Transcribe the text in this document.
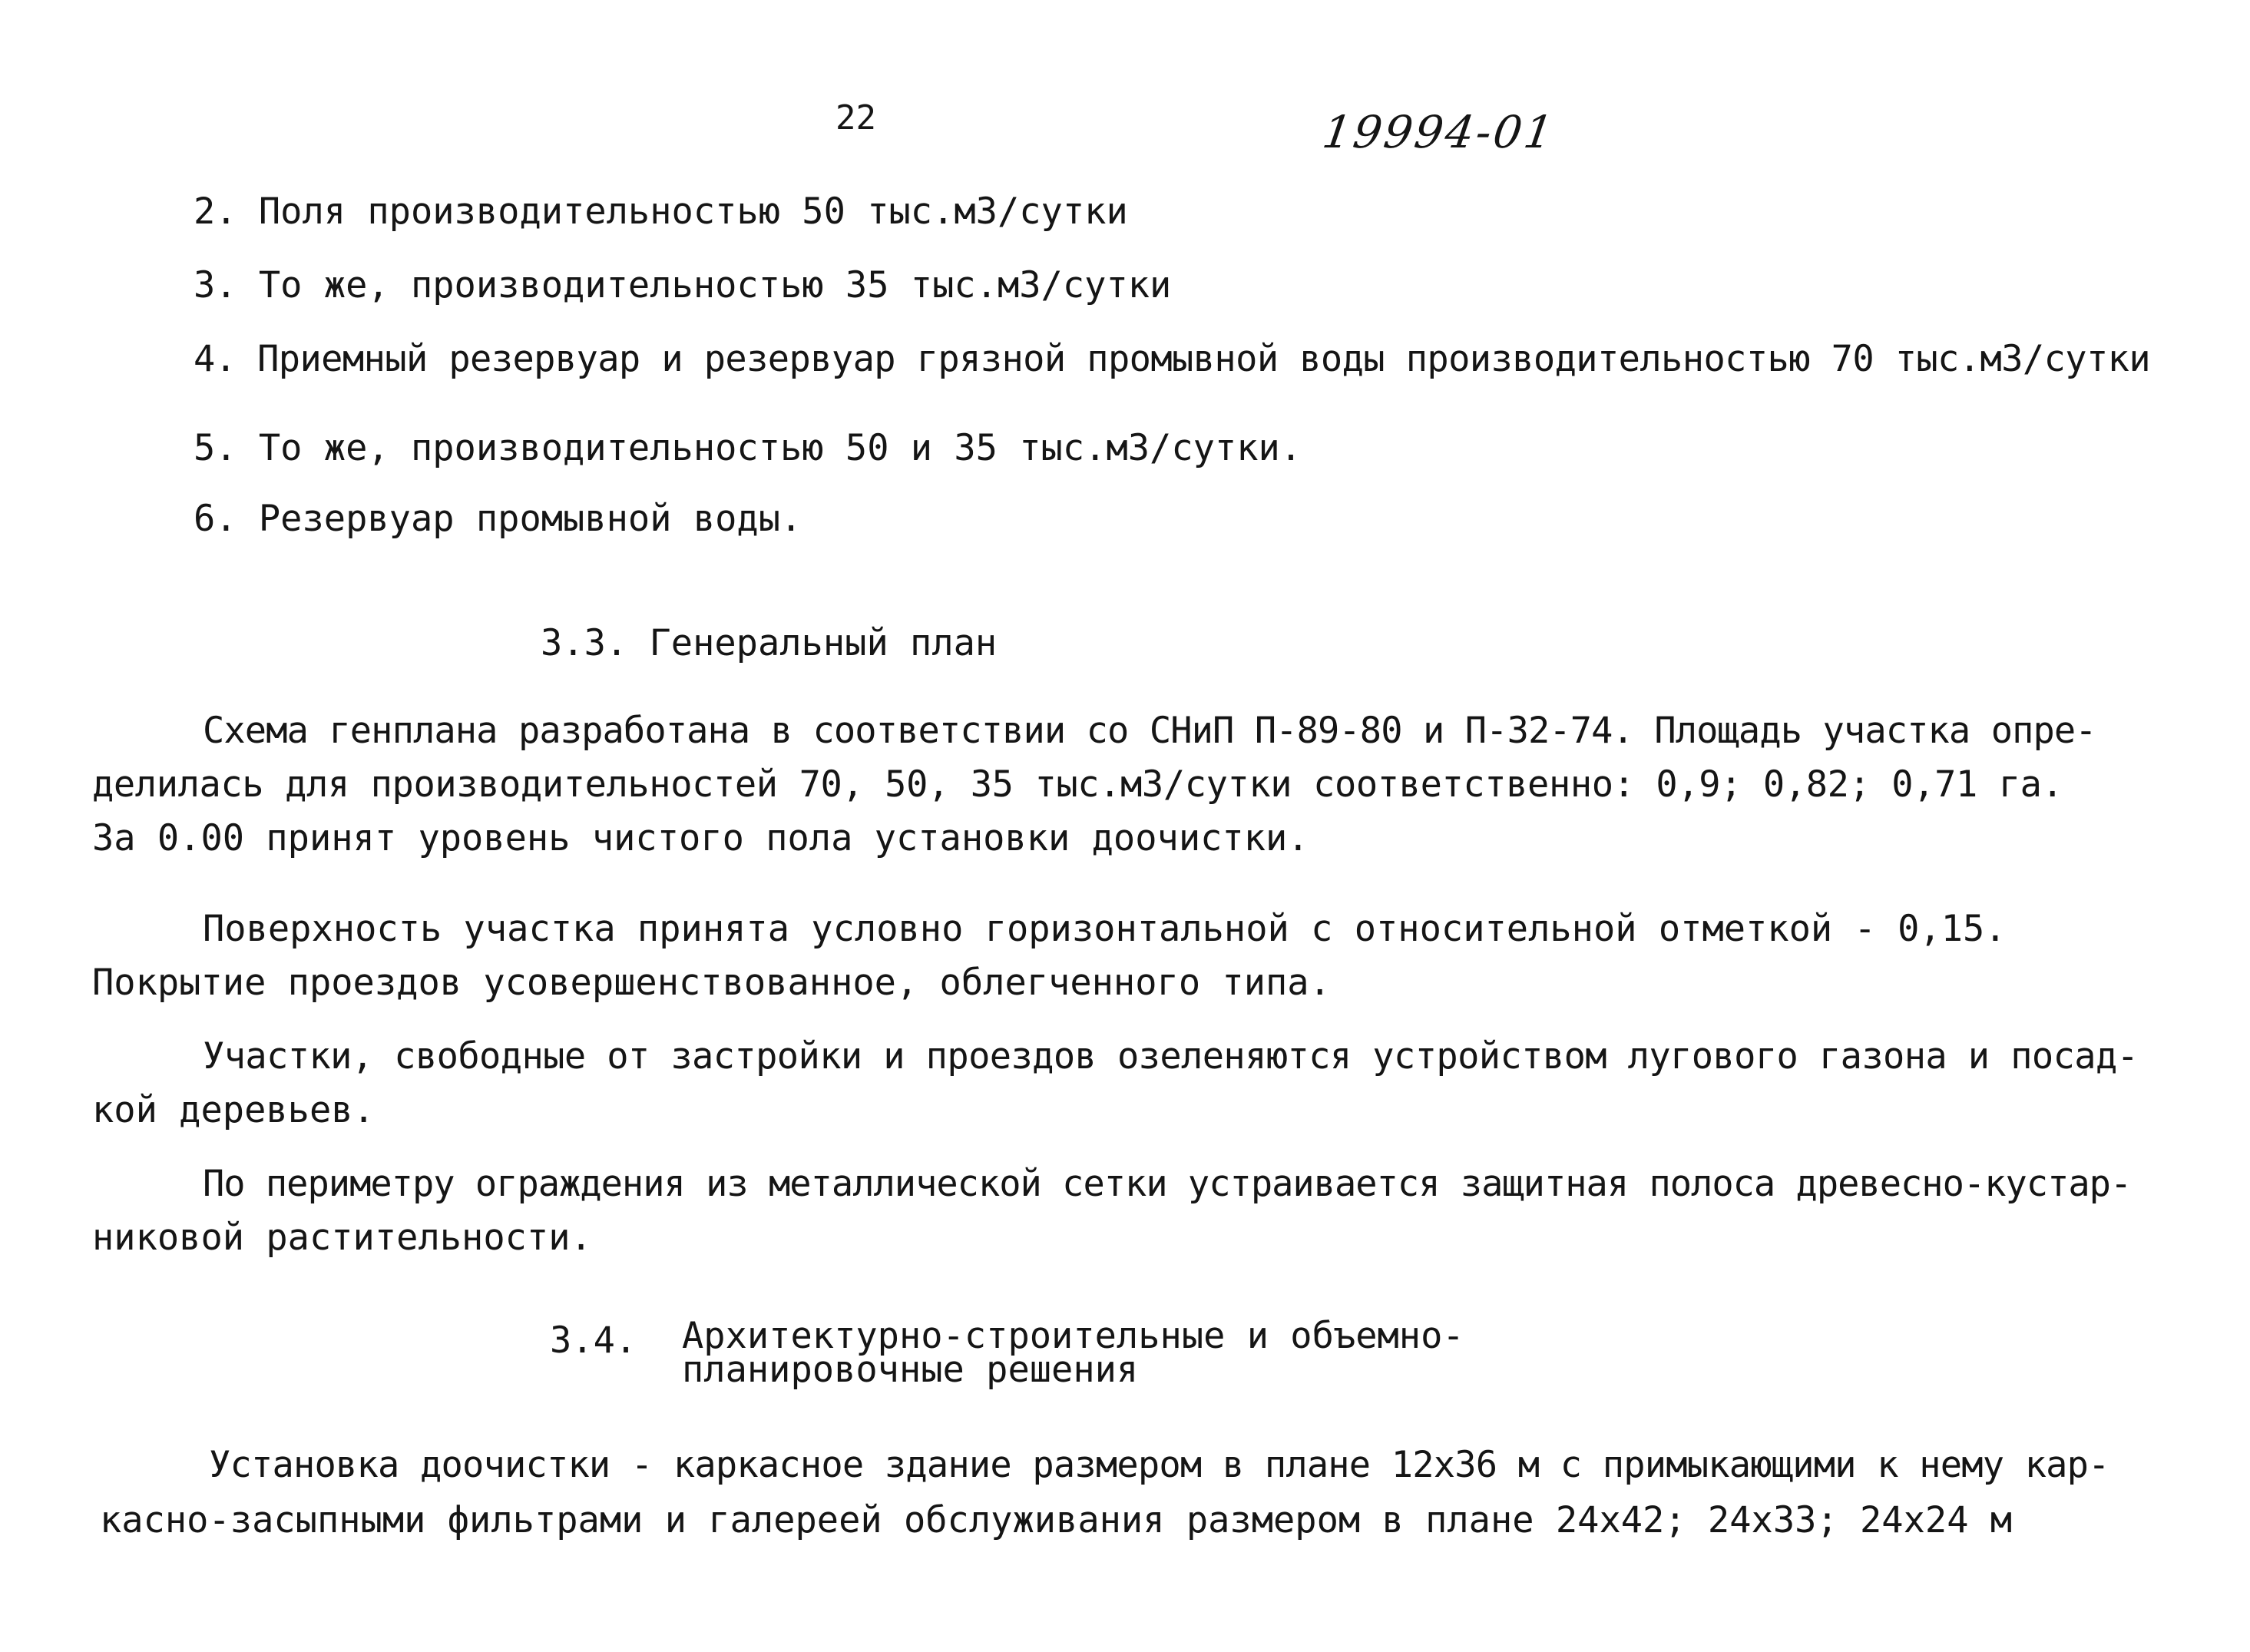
22	19994-01
2. Поля производительностью 50 тыс.м3/сутки
3. То же, производительностью 35 тыс.м3/сутки
4. Приемный резервуар и резервуар грязной промывной воды производительностью 70 тыс.м3/сутки
5. То же, производительностью 50 и 35 тыс.м3/сутки.
6. Резервуар промывной воды.
3.3. Генеральный план
Схема генплана разработана в соответствии со СНиП П-89-80 и П-32-74. Площадь участка опре-
делилась для производительностей 70, 50, 35 тыс.м3/сутки соответственно: 0,9; 0,82; 0,71 га.
За 0.00 принят уровень чистого пола установки доочистки.
Поверхность участка принята условно горизонтальной с относительной отметкой - 0,15.
Покрытие проездов усовершенствованное, облегченного типа.
Участки, свободные от застройки и проездов озеленяются устройством лугового газона и посад-
кой деревьев.
По периметру ограждения из металлической сетки устраивается защитная полоса древесно-кустар-
никовой растительности.
3.4. Архитектурно-строительные и объемно-
планировочные решения
Установка доочистки - каркасное здание размером в плане 12х36 м с примыкающими к нему кар-
касно-засыпными фильтрами и галереей обслуживания размером в плане 24х42; 24х33; 24х24 м
